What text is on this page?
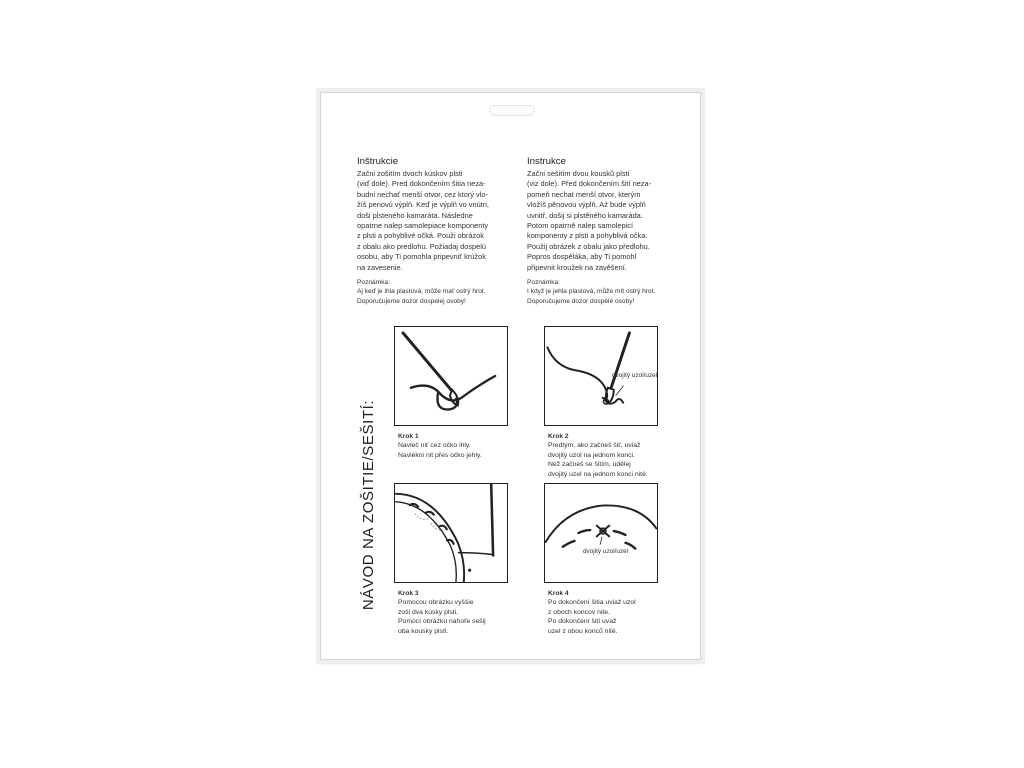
Inštrukcie

Začni zošitím dvoch kúskov plsti
(viď dole). Pred dokončením šitia neza-
budni nechať menší otvor, cez ktorý vlo-
žíš penovú výplň. Keď je výplň vo vnútri,
doši plsteného kamaráta. Následne
opatrne nalep samolepiace komponenty
z plsti a pohyblivé očká. Použi obrázok
z obalu ako predlohu. Požiadaj dospelú
osobu, aby Ti pomohla pripevniť krúžok
na zavesenie.

Poznámka:
Aj keď je ihla plastová, môže mať ostrý hrot.
Doporučujeme dozor dospelej osoby!
Instrukce

Začni sešitím dvou kousků plsti
(viz dole). Před dokončením šití neza-
pomeň nechat menší otvor, kterým
vložíš pěnovou výplň. Až bude výplň
uvnitř, došij si plstěného kamaráda.
Potom opatrně nalep samolepicí
komponenty z plsti a pohyblivá očka.
Použij obrázek z obalu jako předlohu.
Popros dospěláka, aby Ti pomohl
připevnit kroužek na zavěšení.

Poznámka:
I když je jehla plastová, může mít ostrý hrot.
Doporučujeme dozor dospělé osoby!
NÁVOD NA ZOŠITIE/SEŠITÍ:	Krok 1
Navleč niť cez očko ihly.
Navlékni nit přes očko jehly.
dvojitý uzol/uzel
Krok 2
Predtým, ako začneš šiť, uviaž
dvojitý uzol na jednom konci.
Než začneš se šitím, udělej
dvojitý uzel na jednom konci nitě.
Krok 3
Pomocou obrázku vyššie
zoši dva kúsky plsti.
Pomocí obrázku nahoře sešij
oba kousky plsti.
dvojitý uzol/uzel
Krok 4
Po dokončení šitia uviaž uzol
z oboch koncov nite.
Po dokončení šití uvaž
uzel z obou konců nitě.
